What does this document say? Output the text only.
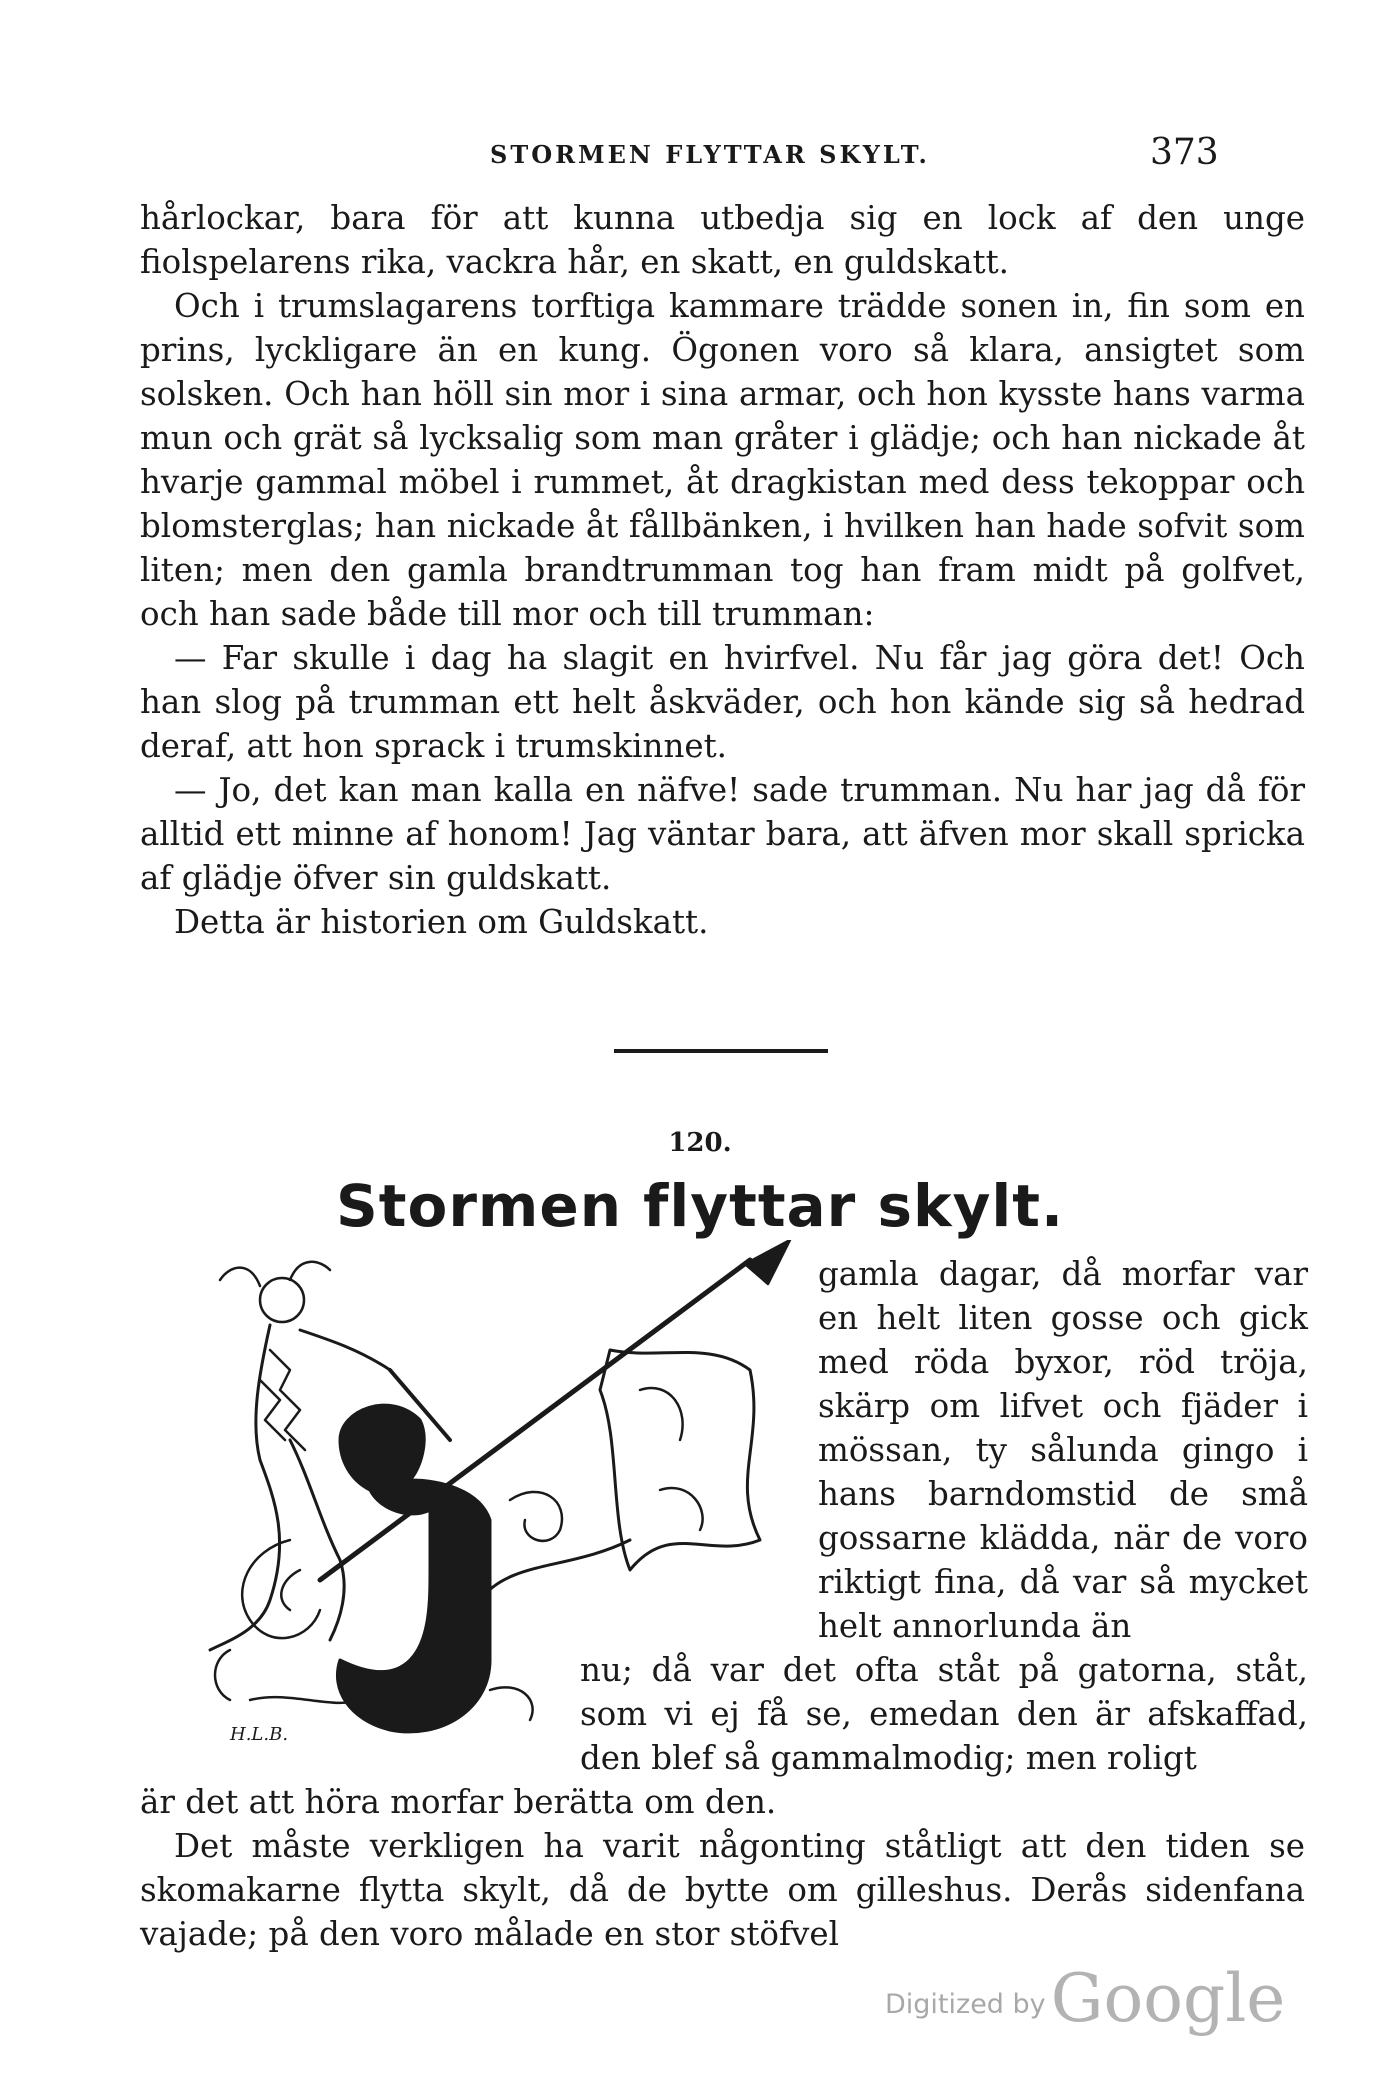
STORMEN FLYTTAR SKYLT.	373

hårlockar, bara för att kunna utbedja sig en lock af den unge fiolspelarens rika, vackra hår, en skatt, en guldskatt.

Och i trumslagarens torftiga kammare trädde sonen in, fin som en prins, lyckligare än en kung. Ögonen voro så klara, ansigtet som solsken. Och han höll sin mor i sina armar, och hon kysste hans varma mun och grät så lycksalig som man gråter i glädje; och han nickade åt hvarje gammal möbel i rummet, åt dragkistan med dess tekoppar och blomsterglas; han nickade åt fållbänken, i hvilken han hade sofvit som liten; men den gamla brandtrumman tog han fram midt på golfvet, och han sade både till mor och till trumman:

— Far skulle i dag ha slagit en hvirfvel. Nu får jag göra det! Och han slog på trumman ett helt åskväder, och hon kände sig så hedrad deraf, att hon sprack i trumskinnet.

— Jo, det kan man kalla en näfve! sade trumman. Nu har jag då för alltid ett minne af honom! Jag väntar bara, att äfven mor skall spricka af glädje öfver sin guldskatt.

Detta är historien om Guldskatt.

120.
Stormen flyttar skylt.
H.L.B.

gamla dagar, då morfar var en helt liten gosse och gick med röda byxor, röd tröja, skärp om lifvet och fjäder i mössan, ty sålunda gingo i hans barndomstid de små gossarne klädda, när de voro riktigt fina, då var så mycket helt annorlunda än

nu; då var det ofta ståt på gatorna, ståt, som vi ej få se, emedan den är afskaffad, den blef så gammalmodig; men roligt

är det att höra morfar berätta om den.

Det måste verkligen ha varit någonting ståtligt att den tiden se skomakarne flytta skylt, då de bytte om gilleshus. Derås sidenfana vajade; på den voro målade en stor stöfvel

Digitized by Google
